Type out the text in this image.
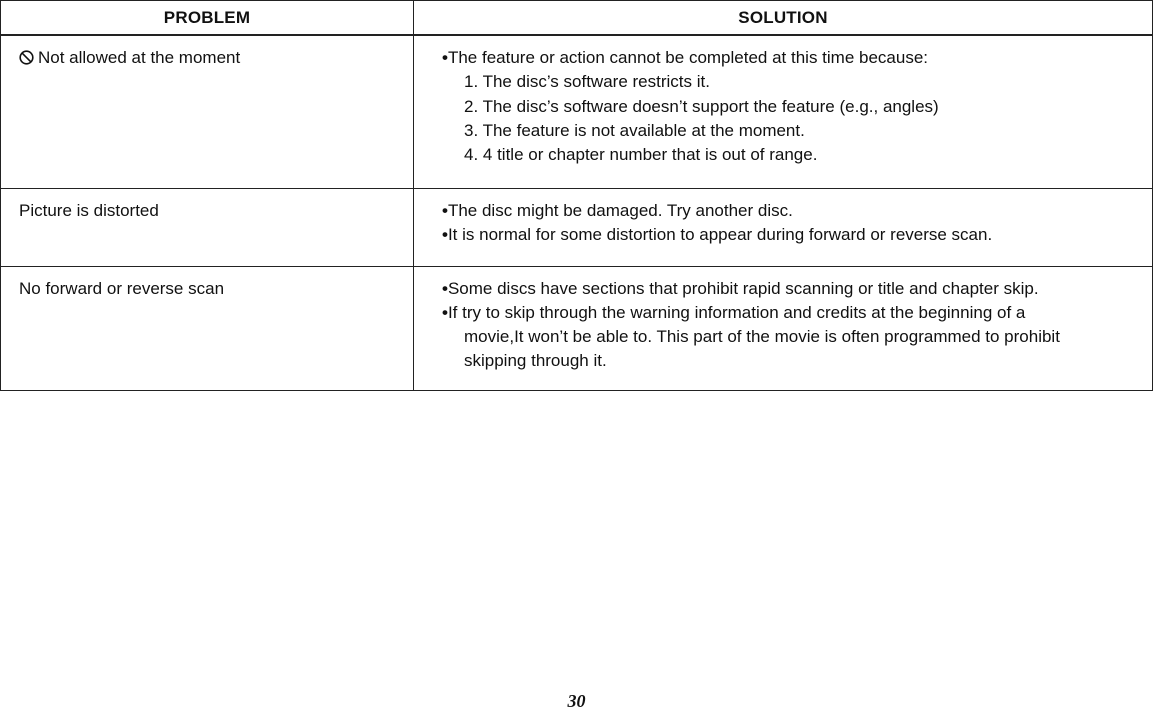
PROBLEM	SOLUTION

Not allowed at the moment	•The feature or action cannot be completed at this time because:
1. The disc’s software restricts it.
2. The disc’s software doesn’t support the feature (e.g., angles)
3. The feature is not available at the moment.
4. 4 title or chapter number that is out of range.

Picture is distorted	•The disc might be damaged. Try another disc.
•It is normal for some distortion to appear during forward or reverse scan.

No forward or reverse scan	•Some discs have sections that prohibit rapid scanning or title and chapter skip.
•If try to skip through the warning information and credits at the beginning of a
movie,It won’t be able to. This part of the movie is often programmed to prohibit
skipping through it.
30
